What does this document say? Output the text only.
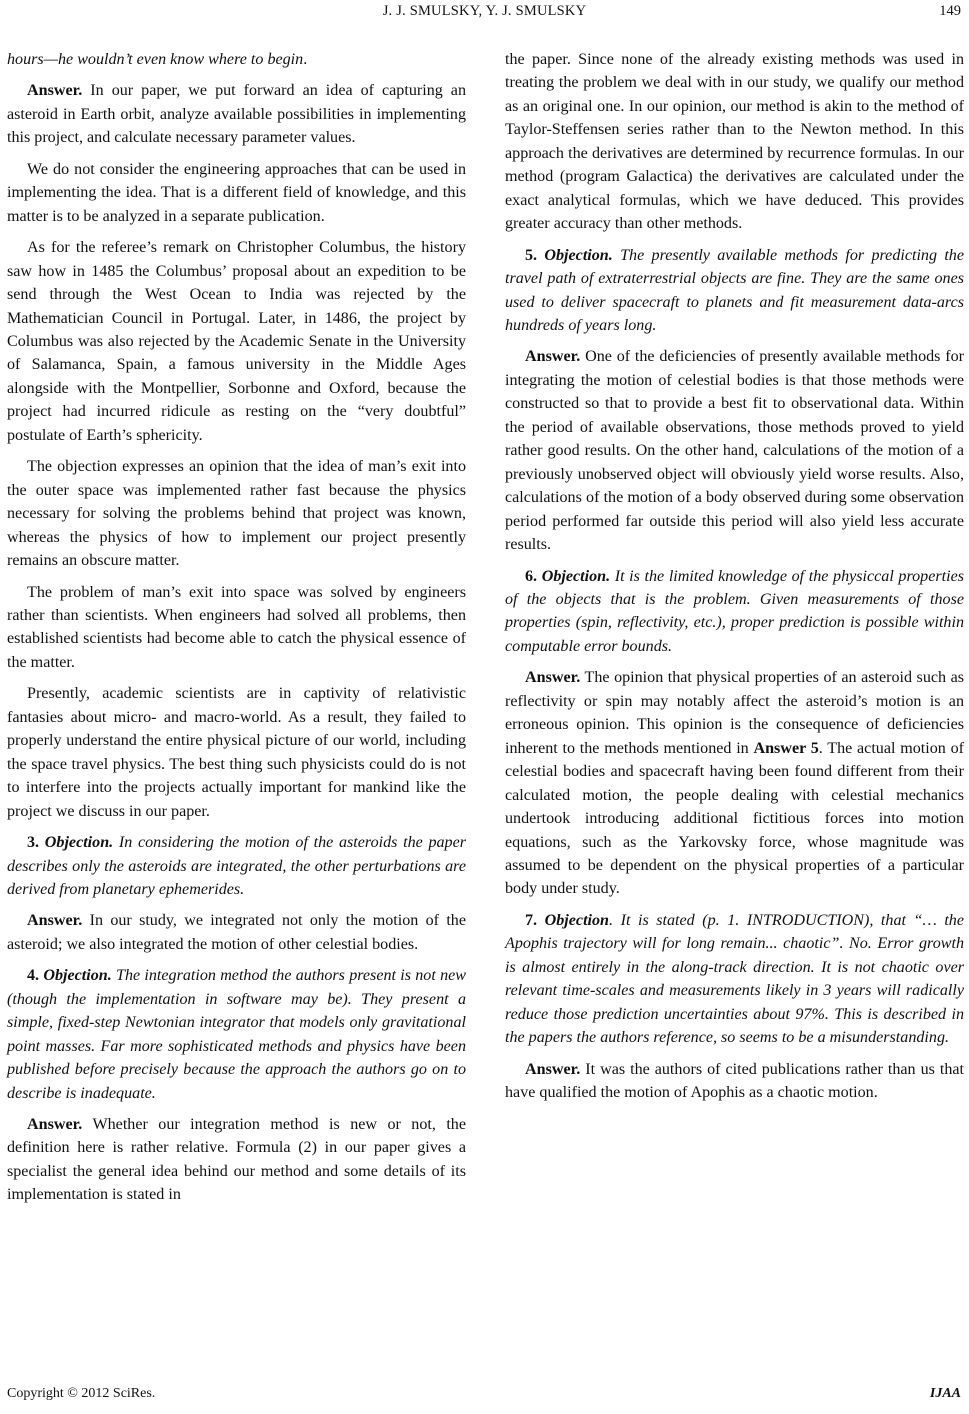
J. J. SMULSKY, Y. J. SMULSKY	149

hours—he wouldn’t even know where to begin.

Answer. In our paper, we put forward an idea of capturing an asteroid in Earth orbit, analyze available possibilities in implementing this project, and calculate necessary parameter values.

We do not consider the engineering approaches that can be used in implementing the idea. That is a different field of knowledge, and this matter is to be analyzed in a separate publication.

As for the referee’s remark on Christopher Columbus, the history saw how in 1485 the Columbus’ proposal about an expedition to be send through the West Ocean to India was rejected by the Mathematician Council in Portugal. Later, in 1486, the project by Columbus was also rejected by the Academic Senate in the University of Salamanca, Spain, a famous university in the Middle Ages alongside with the Montpellier, Sorbonne and Oxford, because the project had incurred ridicule as resting on the “very doubtful” postulate of Earth’s sphericity.

The objection expresses an opinion that the idea of man’s exit into the outer space was implemented rather fast because the physics necessary for solving the problems behind that project was known, whereas the physics of how to implement our project presently remains an obscure matter.

The problem of man’s exit into space was solved by engineers rather than scientists. When engineers had solved all problems, then established scientists had become able to catch the physical essence of the matter.

Presently, academic scientists are in captivity of relativistic fantasies about micro- and macro-world. As a result, they failed to properly understand the entire physical picture of our world, including the space travel physics. The best thing such physicists could do is not to interfere into the projects actually important for mankind like the project we discuss in our paper.

3. Objection. In considering the motion of the asteroids the paper describes only the asteroids are integrated, the other perturbations are derived from planetary ephemerides.

Answer. In our study, we integrated not only the motion of the asteroid; we also integrated the motion of other celestial bodies.

4. Objection. The integration method the authors present is not new (though the implementation in software may be). They present a simple, fixed-step Newtonian integrator that models only gravitational point masses. Far more sophisticated methods and physics have been published before precisely because the approach the authors go on to describe is inadequate.

Answer. Whether our integration method is new or not, the definition here is rather relative. Formula (2) in our paper gives a specialist the general idea behind our method and some details of its implementation is stated in

the paper. Since none of the already existing methods was used in treating the problem we deal with in our study, we qualify our method as an original one. In our opinion, our method is akin to the method of Taylor-Steffensen series rather than to the Newton method. In this approach the derivatives are determined by recurrence formulas. In our method (program Galactica) the derivatives are calculated under the exact analytical formulas, which we have deduced. This provides greater accuracy than other methods.

5. Objection. The presently available methods for predicting the travel path of extraterrestrial objects are fine. They are the same ones used to deliver spacecraft to planets and fit measurement data-arcs hundreds of years long.

Answer. One of the deficiencies of presently available methods for integrating the motion of celestial bodies is that those methods were constructed so that to provide a best fit to observational data. Within the period of available observations, those methods proved to yield rather good results. On the other hand, calculations of the motion of a previously unobserved object will obviously yield worse results. Also, calculations of the motion of a body observed during some observation period performed far outside this period will also yield less accurate results.

6. Objection. It is the limited knowledge of the physiccal properties of the objects that is the problem. Given measurements of those properties (spin, reflectivity, etc.), proper prediction is possible within computable error bounds.

Answer. The opinion that physical properties of an asteroid such as reflectivity or spin may notably affect the asteroid’s motion is an erroneous opinion. This opinion is the consequence of deficiencies inherent to the methods mentioned in Answer 5. The actual motion of celestial bodies and spacecraft having been found different from their calculated motion, the people dealing with celestial mechanics undertook introducing additional fictitious forces into motion equations, such as the Yarkovsky force, whose magnitude was assumed to be dependent on the physical properties of a particular body under study.

7. Objection. It is stated (p. 1. INTRODUCTION), that “… the Apophis trajectory will for long remain... chaotic”. No. Error growth is almost entirely in the along-track direction. It is not chaotic over relevant time-scales and measurements likely in 3 years will radically reduce those prediction uncertainties about 97%. This is described in the papers the authors reference, so seems to be a misunderstanding.

Answer. It was the authors of cited publications rather than us that have qualified the motion of Apophis as a chaotic motion.

Copyright © 2012 SciRes.	IJAA
